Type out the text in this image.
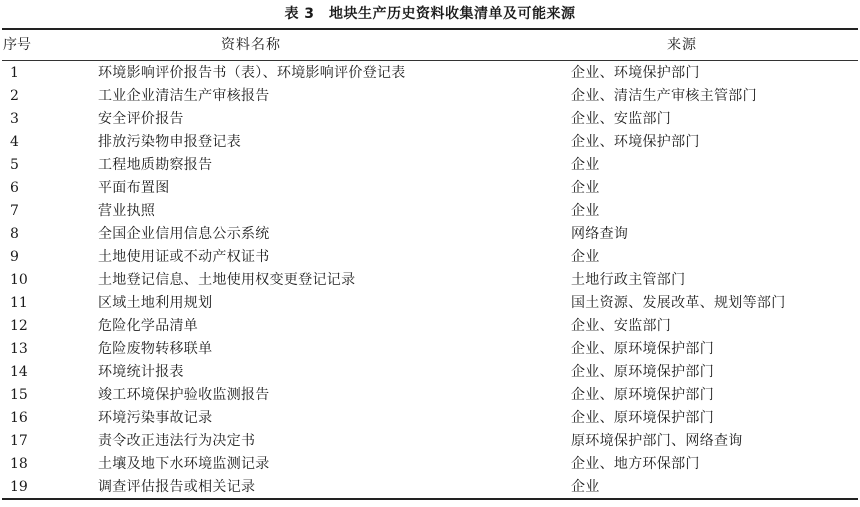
表 3　地块生产历史资料收集清单及可能来源
序号	资料名称	来源
1	环境影响评价报告书（表）、环境影响评价登记表	企业、环境保护部门
2	工业企业清洁生产审核报告	企业、清洁生产审核主管部门
3	安全评价报告	企业、安监部门
4	排放污染物申报登记表	企业、环境保护部门
5	工程地质勘察报告	企业
6	平面布置图	企业
7	营业执照	企业
8	全国企业信用信息公示系统	网络查询
9	土地使用证或不动产权证书	企业
10	土地登记信息、土地使用权变更登记记录	土地行政主管部门
11	区域土地利用规划	国土资源、发展改革、规划等部门
12	危险化学品清单	企业、安监部门
13	危险废物转移联单	企业、原环境保护部门
14	环境统计报表	企业、原环境保护部门
15	竣工环境保护验收监测报告	企业、原环境保护部门
16	环境污染事故记录	企业、原环境保护部门
17	责令改正违法行为决定书	原环境保护部门、网络查询
18	土壤及地下水环境监测记录	企业、地方环保部门
19	调查评估报告或相关记录	企业
